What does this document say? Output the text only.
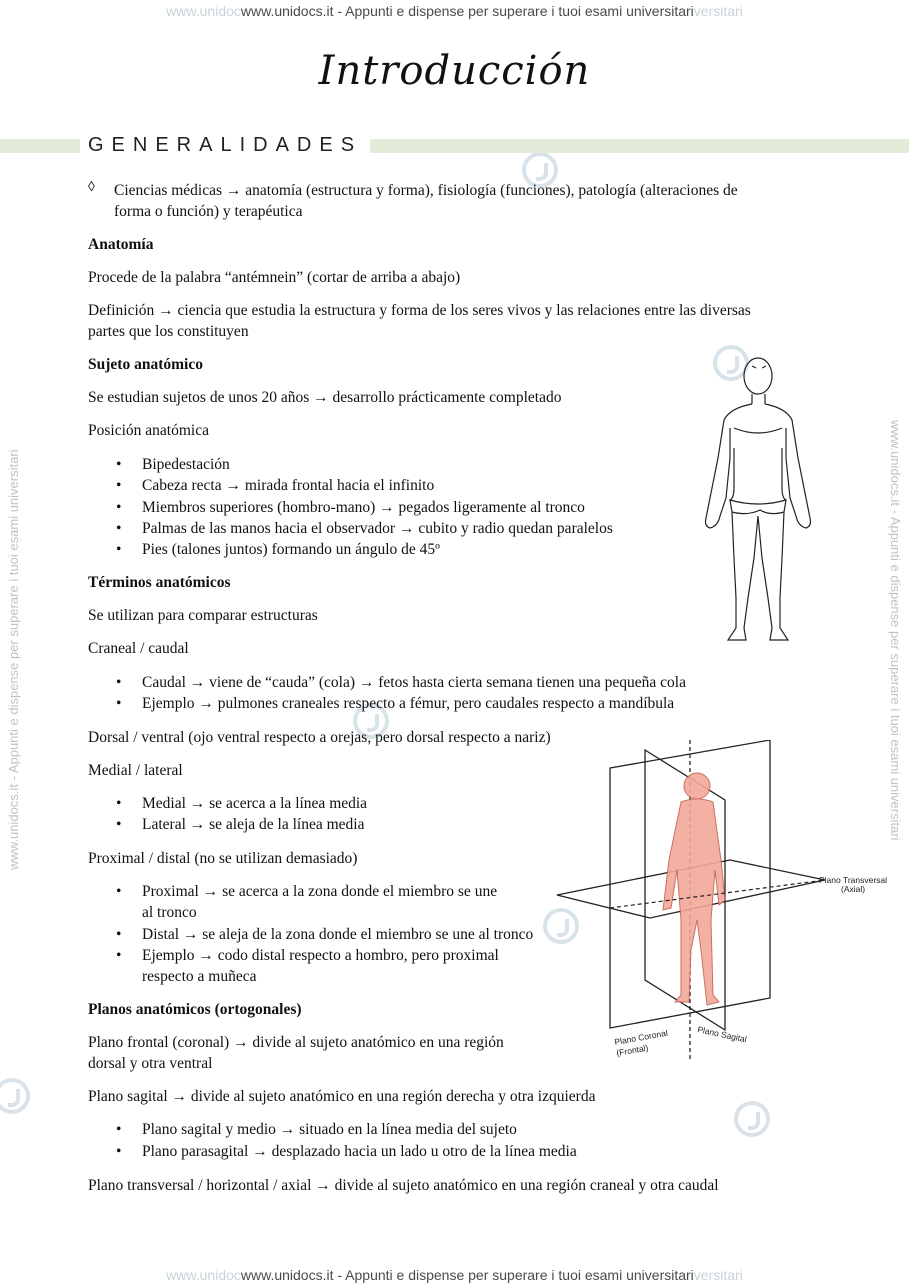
www.unidocwww.unidocs.it - Appunti e dispense per superare i tuoi esami universitariversitari
www.unidocwww.unidocs.it - Appunti e dispense per superare i tuoi esami universitariversitari
www.unidocs.it - Appunti e dispense per superare i tuoi esami universitari	www.unidocs.it - Appunti e dispense per superare i tuoi esami universitari
Introducción
GENERALIDADES
◊ Ciencias médicas → anatomía (estructura y forma), fisiología (funciones), patología (alteraciones de
forma o función) y terapéutica
Anatomía
Procede de la palabra “antémnein” (cortar de arriba a abajo)
Definición → ciencia que estudia la estructura y forma de los seres vivos y las relaciones entre las diversas
partes que los constituyen
Sujeto anatómico
Se estudian sujetos de unos 20 años → desarrollo prácticamente completado
Posición anatómica
• Bipedestación
• Cabeza recta → mirada frontal hacia el infinito
• Miembros superiores (hombro-mano) → pegados ligeramente al tronco
• Palmas de las manos hacia el observador → cubito y radio quedan paralelos
• Pies (talones juntos) formando un ángulo de 45º
Términos anatómicos
Se utilizan para comparar estructuras
Craneal / caudal
• Caudal → viene de “cauda” (cola) → fetos hasta cierta semana tienen una pequeña cola
• Ejemplo → pulmones craneales respecto a fémur, pero caudales respecto a mandíbula
Dorsal / ventral (ojo ventral respecto a orejas, pero dorsal respecto a nariz)
Medial / lateral
• Medial → se acerca a la línea media
• Lateral → se aleja de la línea media
Proximal / distal (no se utilizan demasiado)
• Proximal → se acerca a la zona donde el miembro se une
al tronco
• Distal → se aleja de la zona donde el miembro se une al tronco
• Ejemplo → codo distal respecto a hombro, pero proximal
respecto a muñeca
Planos anatómicos (ortogonales)
Plano frontal (coronal) → divide al sujeto anatómico en una región
dorsal y otra ventral
Plano sagital → divide al sujeto anatómico en una región derecha y otra izquierda
• Plano sagital y medio → situado en la línea media del sujeto
• Plano parasagital → desplazado hacia un lado u otro de la línea media
Plano transversal / horizontal / axial → divide al sujeto anatómico en una región craneal y otra caudal
Plano Transversal
(Axial)
Plano Coronal
(Frontal)
Plano Sagital
